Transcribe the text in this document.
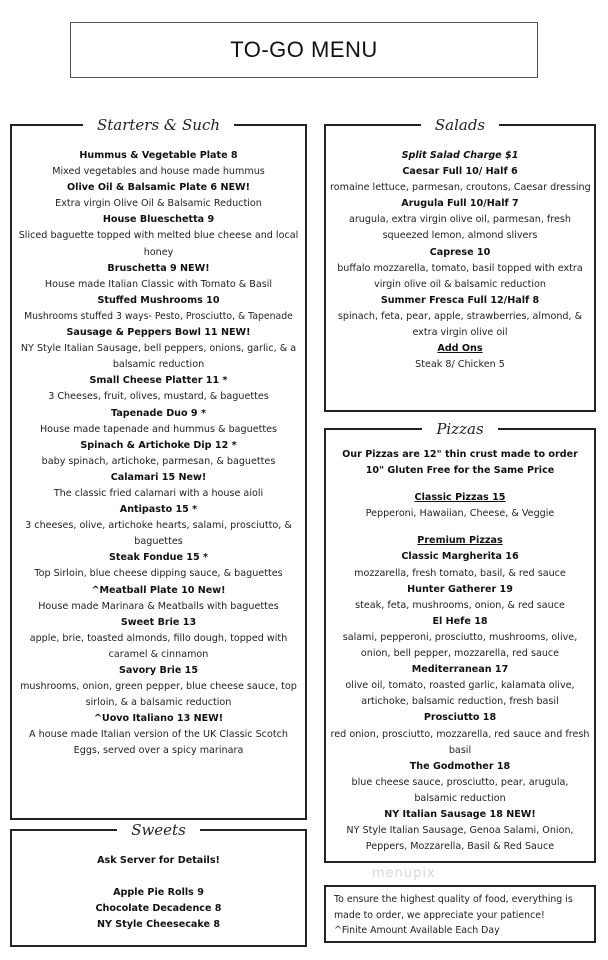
TO-GO MENU
Starters & Such
Hummus & Vegetable Plate 8
Mixed vegetables and house made hummus
Olive Oil & Balsamic Plate 6 NEW!
Extra virgin Olive Oil & Balsamic Reduction
House Blueschetta 9
Sliced baguette topped with melted blue cheese and local honey
Bruschetta 9 NEW!
House made Italian Classic with Tomato & Basil
Stuffed Mushrooms 10
Mushrooms stuffed 3 ways- Pesto, Prosciutto, & Tapenade
Sausage & Peppers Bowl 11 NEW!
NY Style Italian Sausage, bell peppers, onions, garlic, & a balsamic reduction
Small Cheese Platter 11 *
3 Cheeses, fruit, olives, mustard, & baguettes
Tapenade Duo 9 *
House made tapenade and hummus & baguettes
Spinach & Artichoke Dip 12 *
baby spinach, artichoke, parmesan, & baguettes
Calamari 15 New!
The classic fried calamari with a house aioli
Antipasto 15 *
3 cheeses, olive, artichoke hearts, salami, prosciutto, & baguettes
Steak Fondue 15 *
Top Sirloin, blue cheese dipping sauce, & baguettes
^Meatball Plate 10 New!
House made Marinara & Meatballs with baguettes
Sweet Brie 13
apple, brie, toasted almonds, fillo dough, topped with caramel & cinnamon
Savory Brie 15
mushrooms, onion, green pepper, blue cheese sauce, top sirloin, & a balsamic reduction
^Uovo Italiano 13 NEW!
A house made Italian version of the UK Classic Scotch Eggs, served over a spicy marinara
Salads
Split Salad Charge $1
Caesar Full 10/ Half 6
romaine lettuce, parmesan, croutons, Caesar dressing
Arugula Full 10/Half 7
arugula, extra virgin olive oil, parmesan, fresh squeezed lemon, almond slivers
Caprese 10
buffalo mozzarella, tomato, basil topped with extra virgin olive oil & balsamic reduction
Summer Fresca Full 12/Half 8
spinach, feta, pear, apple, strawberries, almond, & extra virgin olive oil
Add Ons
Steak 8/ Chicken 5
Pizzas
Our Pizzas are 12" thin crust made to order
10" Gluten Free for the Same Price
Classic Pizzas 15
Pepperoni, Hawaiian, Cheese, & Veggie
Premium Pizzas
Classic Margherita 16
mozzarella, fresh tomato, basil, & red sauce
Hunter Gatherer 19
steak, feta, mushrooms, onion, & red sauce
El Hefe 18
salami, pepperoni, prosciutto, mushrooms, olive, onion, bell pepper, mozzarella, red sauce
Mediterranean 17
olive oil, tomato, roasted garlic, kalamata olive, artichoke, balsamic reduction, fresh basil
Prosciutto 18
red onion, prosciutto, mozzarella, red sauce and fresh basil
The Godmother 18
blue cheese sauce, prosciutto, pear, arugula, balsamic reduction
NY Italian Sausage 18 NEW!
NY Style Italian Sausage, Genoa Salami, Onion, Peppers, Mozzarella, Basil & Red Sauce
Sweets
Ask Server for Details!
Apple Pie Rolls 9
Chocolate Decadence 8
NY Style Cheesecake 8
menupix
To ensure the highest quality of food, everything is
made to order, we appreciate your patience!
^Finite Amount Available Each Day
